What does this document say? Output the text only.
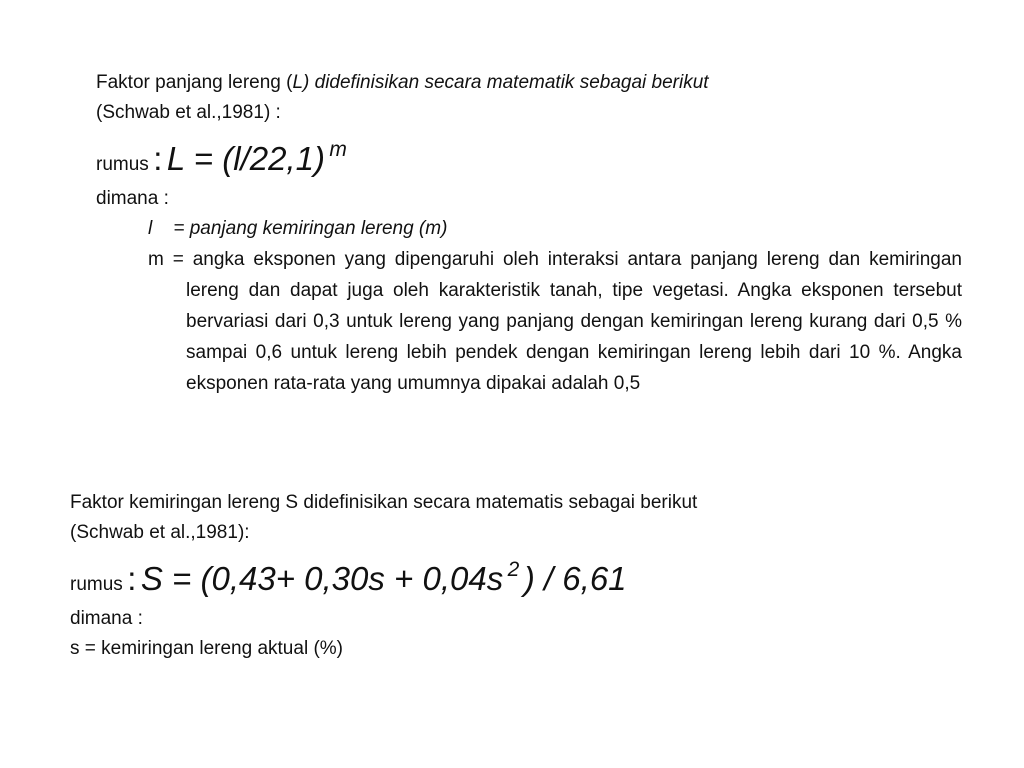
Faktor panjang lereng (L) didefinisikan secara matematik sebagai berikut
(Schwab et al.,1981) :
rumus : L = (l/22,1) m
dimana :
l    = panjang kemiringan lereng (m)
m = angka eksponen yang dipengaruhi oleh interaksi antara panjang lereng dan kemiringan lereng dan dapat juga oleh karakteristik tanah, tipe vegetasi. Angka eksponen tersebut bervariasi dari 0,3 untuk lereng yang panjang dengan kemiringan lereng kurang dari 0,5 % sampai 0,6 untuk lereng lebih pendek dengan kemiringan lereng lebih dari 10 %. Angka eksponen rata-rata yang umumnya dipakai adalah 0,5
Faktor kemiringan lereng S didefinisikan secara matematis sebagai berikut
(Schwab et al.,1981):
rumus : S = (0,43+ 0,30s + 0,04s 2 ) / 6,61
dimana :
s = kemiringan lereng aktual (%)
